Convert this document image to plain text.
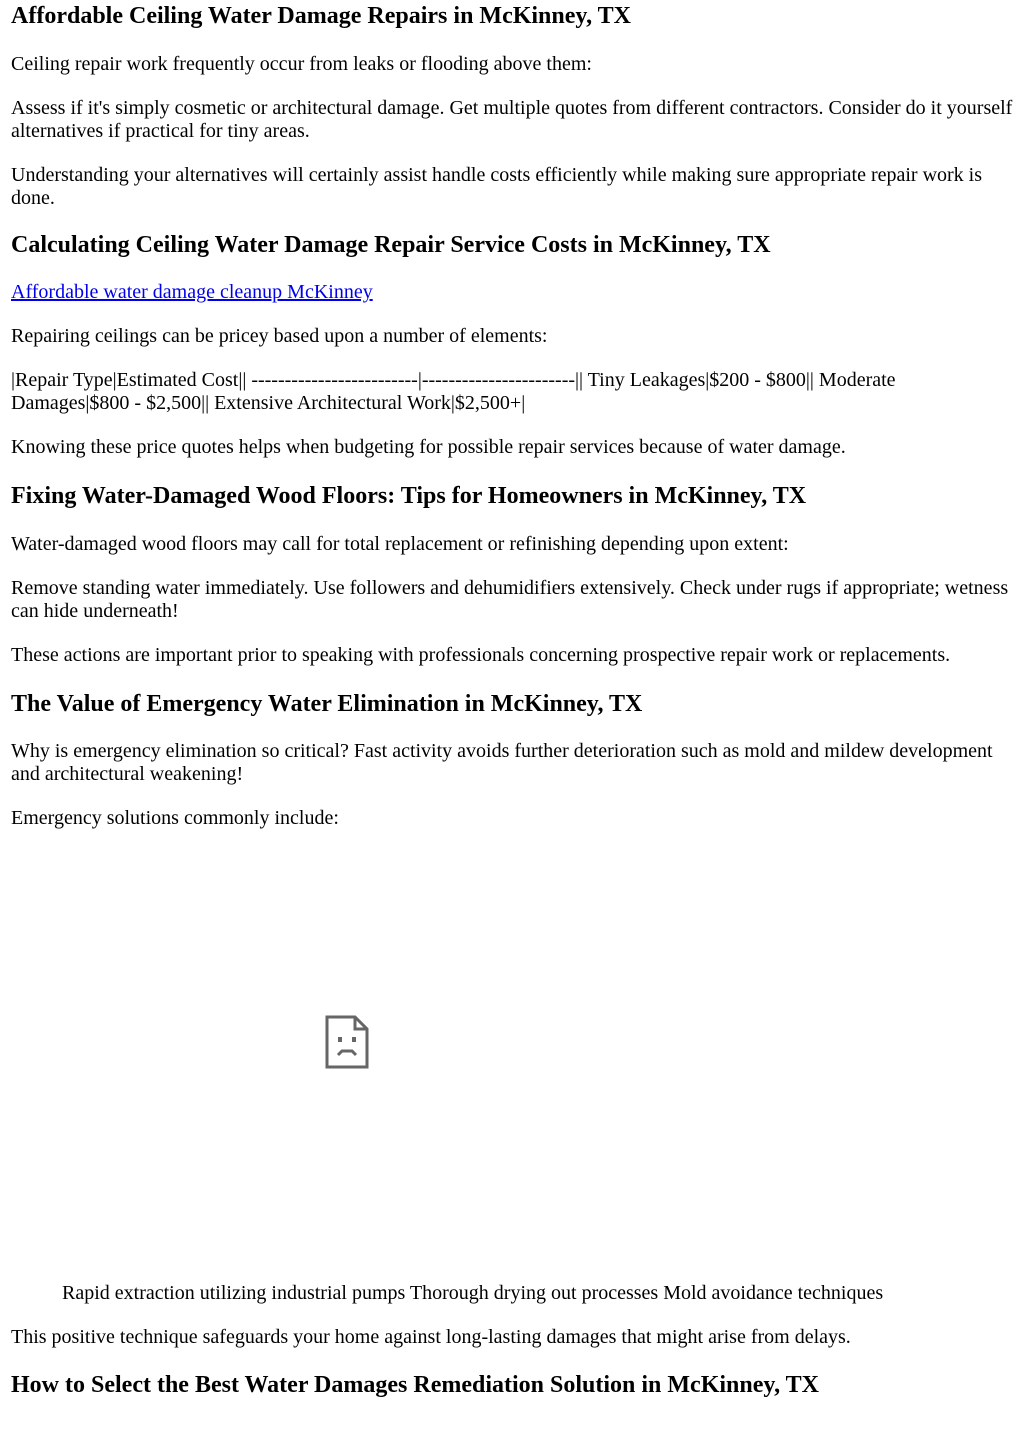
Affordable Ceiling Water Damage Repairs in McKinney, TX

Ceiling repair work frequently occur from leaks or flooding above them:

Assess if it's simply cosmetic or architectural damage. Get multiple quotes from different contractors. Consider do it yourself alternatives if practical for tiny areas.

Understanding your alternatives will certainly assist handle costs efficiently while making sure appropriate repair work is done.

Calculating Ceiling Water Damage Repair Service Costs in McKinney, TX

Affordable water damage cleanup McKinney

Repairing ceilings can be pricey based upon a number of elements:

|Repair Type|Estimated Cost|| -------------------------|-----------------------|| Tiny Leakages|$200 - $800|| Moderate Damages|$800 - $2,500|| Extensive Architectural Work|$2,500+|

Knowing these price quotes helps when budgeting for possible repair services because of water damage.

Fixing Water-Damaged Wood Floors: Tips for Homeowners in McKinney, TX

Water-damaged wood floors may call for total replacement or refinishing depending upon extent:

Remove standing water immediately. Use followers and dehumidifiers extensively. Check under rugs if appropriate; wetness can hide underneath!

These actions are important prior to speaking with professionals concerning prospective repair work or replacements.

The Value of Emergency Water Elimination in McKinney, TX

Why is emergency elimination so critical? Fast activity avoids further deterioration such as mold and mildew development and architectural weakening!

Emergency solutions commonly include:

Rapid extraction utilizing industrial pumps Thorough drying out processes Mold avoidance techniques

This positive technique safeguards your home against long-lasting damages that might arise from delays.

How to Select the Best Water Damages Remediation Solution in McKinney, TX
